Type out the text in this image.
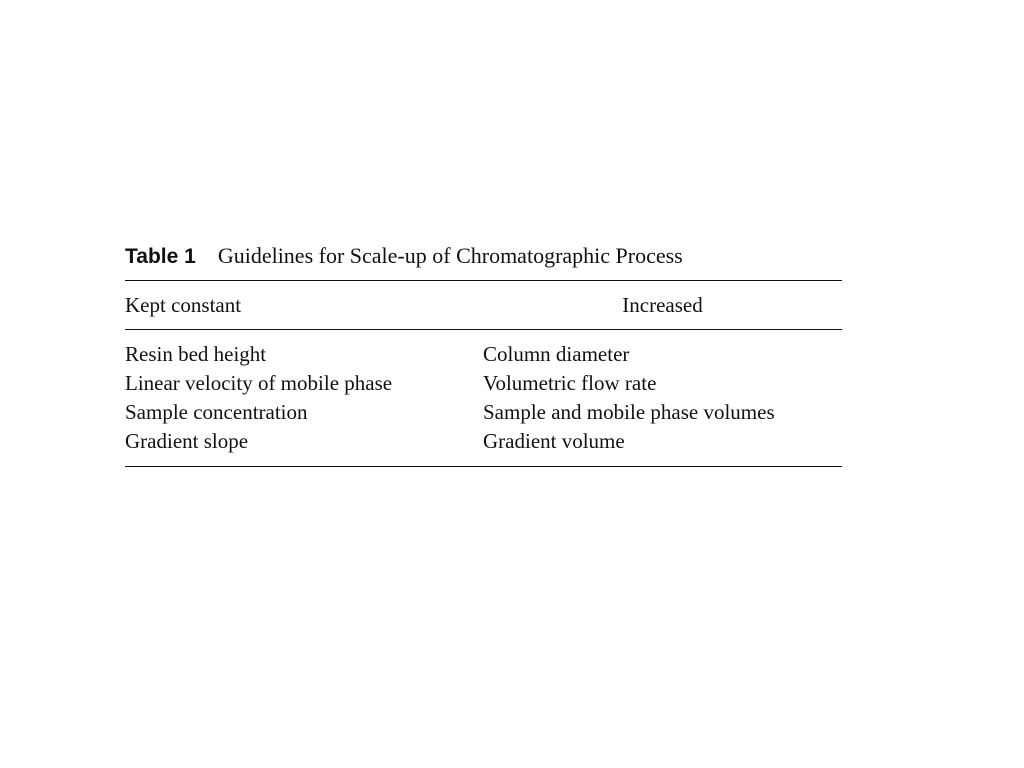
Table 1 Guidelines for Scale-up of Chromatographic Process
Kept constant	Increased

Resin bed height	Column diameter
Linear velocity of mobile phase	Volumetric flow rate
Sample concentration	Sample and mobile phase volumes
Gradient slope	Gradient volume
